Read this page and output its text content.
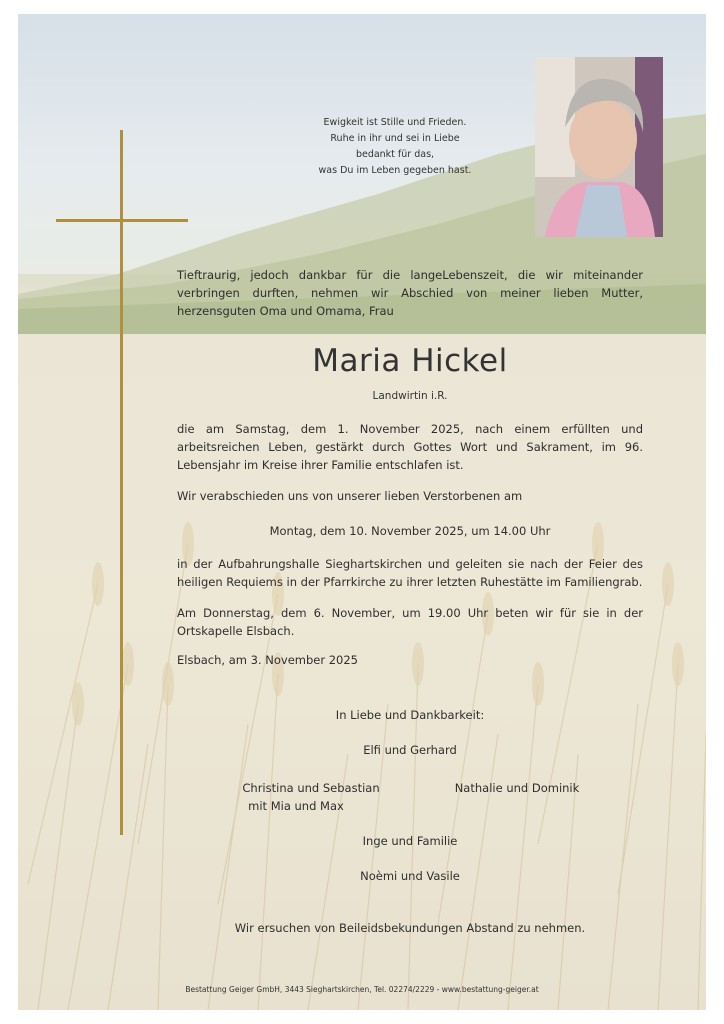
Ewigkeit ist Stille und Frieden.
Ruhe in ihr und sei in Liebe
bedankt für das,
was Du im Leben gegeben hast.
Tieftraurig, jedoch dankbar für die langeLebenszeit, die wir miteinander verbringen durften, nehmen wir Abschied von meiner lieben Mutter, herzensguten Oma und Omama, Frau
Maria Hickel
Landwirtin i.R.
die am Samstag, dem 1. November 2025, nach einem erfüllten und arbeitsreichen Leben, gestärkt durch Gottes Wort und Sakrament, im 96. Lebensjahr im Kreise ihrer Familie entschlafen ist.
Wir verabschieden uns von unserer lieben Verstorbenen am
Montag, dem 10. November 2025, um 14.00 Uhr
in der Aufbahrungshalle Sieghartskirchen und geleiten sie nach der Feier des heiligen Requiems in der Pfarrkirche zu ihrer letzten Ruhestätte im Familiengrab.
Am Donnerstag, dem 6. November, um 19.00 Uhr beten wir für sie in der Ortskapelle Elsbach.
Elsbach, am 3. November 2025
In Liebe und Dankbarkeit:
Elfi und Gerhard
Christina und Sebastian
mit Mia und Max
Nathalie und Dominik
Inge und Familie
Noèmi und Vasile
Wir ersuchen von Beileidsbekundungen Abstand zu nehmen.
Bestattung Geiger GmbH, 3443 Sieghartskirchen, Tel. 02274/2229 - www.bestattung-geiger.at
